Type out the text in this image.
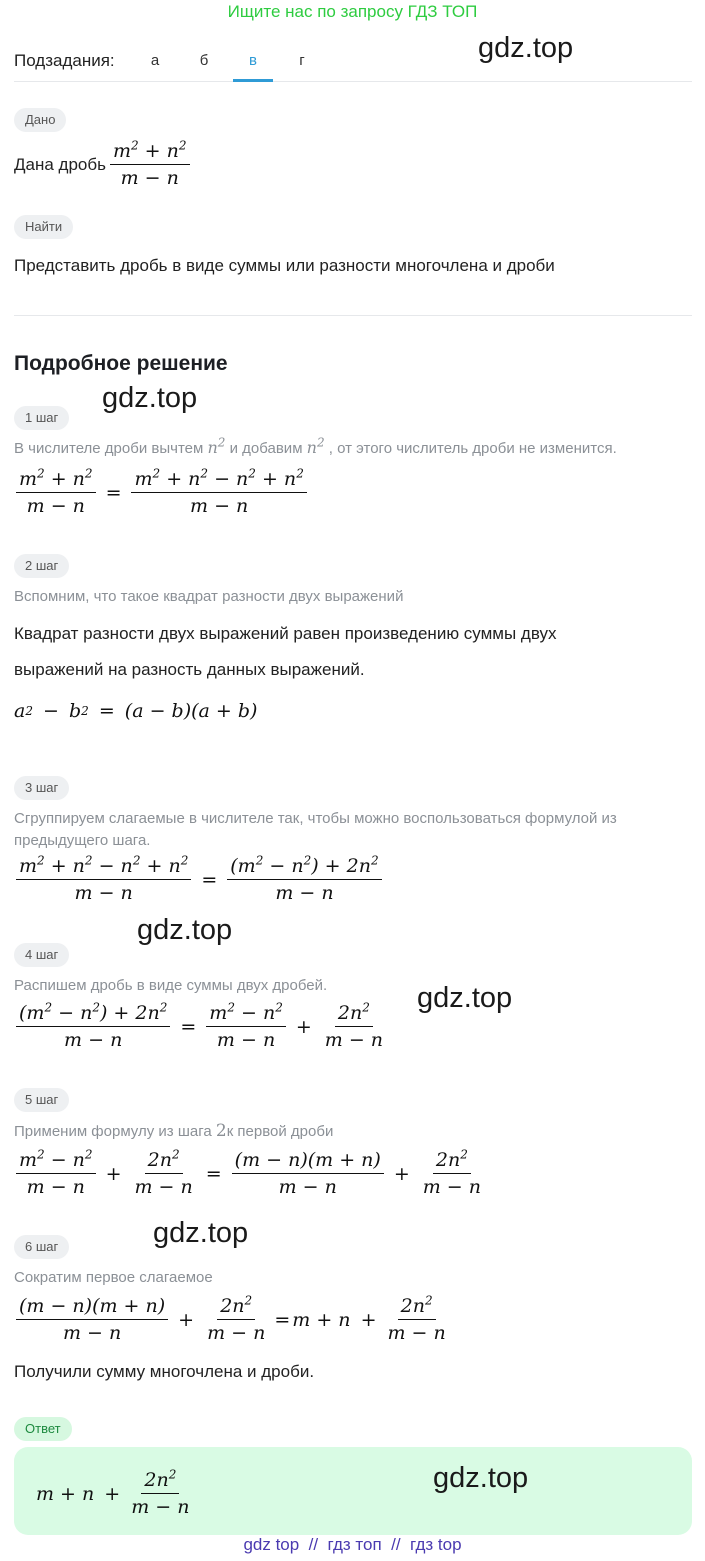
Ищите нас по запросу ГДЗ ТОП
Подзадания:	а	б	в	г	gdz.top
Дано
Дана дробь $\frac{m^2 + n^2}{m - n}$
Найти
Представить дробь в виде суммы или разности многочлена и дроби
Подробное решение
gdz.top
1 шаг
В числителе дроби вычтем $n^2$ и добавим $n^2$ , от этого числитель дроби не изменится.
$\frac{m^2 + n^2}{m - n} = \frac{m^2 + n^2 - n^2 + n^2}{m - n}$
2 шаг
Вспомним, что такое квадрат разности двух выражений
Квадрат разности двух выражений равен произведению суммы двух
выражений на разность данных выражений.
a 2
− b 2
= (a − b)(a + b)
3 шаг
Сгруппируем слагаемые в числителе так, чтобы можно воспользоваться формулой из
предыдущего шага.
$\frac{m^2 + n^2 - n^2 + n^2}{m - n} = \frac{(m^2 - n^2) + 2n^2}{m - n}$
gdz.top
4 шаг
Распишем дробь в виде суммы двух дробей.
$\frac{(m^2 - n^2) + 2n^2}{m - n} = \frac{m^2 - n^2}{m - n} + \frac{2n^2}{m - n}$
gdz.top
5 шаг
Применим формулу из шага 2к первой дроби
$\frac{m^2 - n^2}{m - n} + \frac{2n^2}{m - n} = \frac{(m - n)(m + n)}{m - n} + \frac{2n^2}{m - n}$
gdz.top
6 шаг
Сократим первое слагаемое
$\frac{(m - n)(m + n)}{m - n} + \frac{2n^2}{m - n} = m + n + \frac{2n^2}{m - n}$
Получили сумму многочлена и дроби.
Ответ
$m + n + \frac{2n^2}{m - n}$	gdz.top
gdz top  //  гдз топ  //  гдз top
